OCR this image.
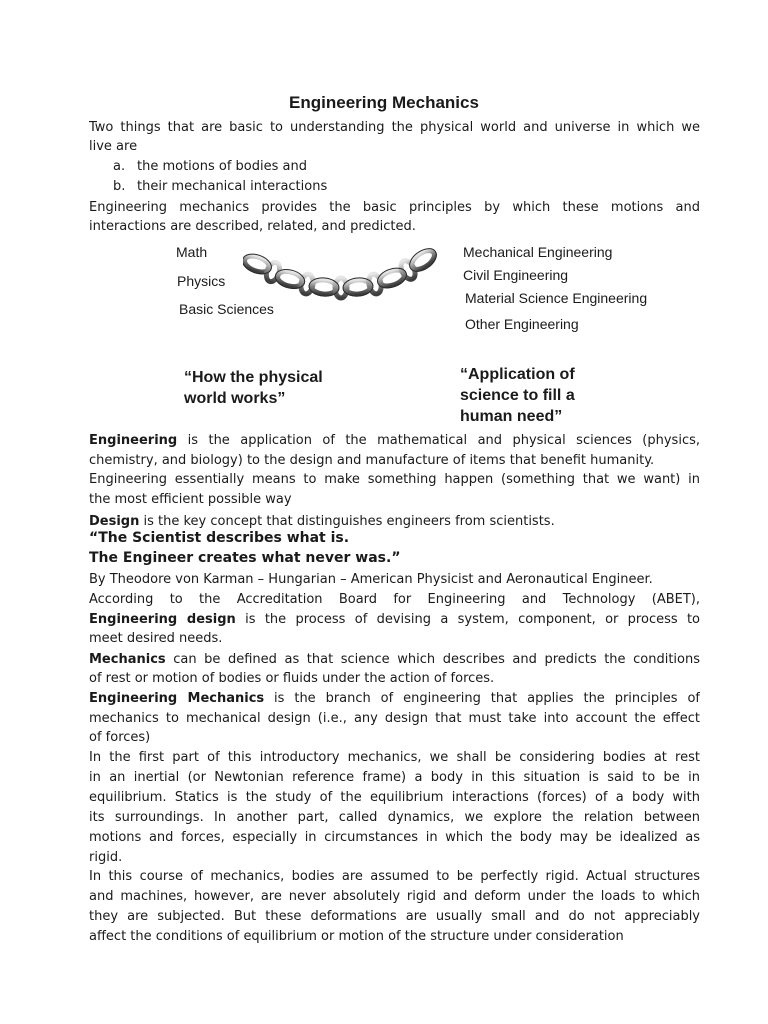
Engineering Mechanics
Two things that are basic to understanding the physical world and universe in which we
live are
a. the motions of bodies and
b. their mechanical interactions
Engineering mechanics provides the basic principles by which these motions and
interactions are described, related, and predicted.
Math
Physics
Basic Sciences
Mechanical Engineering
Civil Engineering
Material Science Engineering
Other Engineering
“How the physical
world works”
“Application of
science to fill a
human need”
Engineering is the application of the mathematical and physical sciences (physics,
chemistry, and biology) to the design and manufacture of items that benefit humanity.
Engineering essentially means to make something happen (something that we want) in
the most efficient possible way
Design is the key concept that distinguishes engineers from scientists.
“The Scientist describes what is.
The Engineer creates what never was.”
By Theodore von Karman – Hungarian – American Physicist and Aeronautical Engineer.
According to the Accreditation Board for Engineering and Technology (ABET),
Engineering design is the process of devising a system, component, or process to
meet desired needs.
Mechanics can be defined as that science which describes and predicts the conditions
of rest or motion of bodies or fluids under the action of forces.
Engineering Mechanics is the branch of engineering that applies the principles of
mechanics to mechanical design (i.e., any design that must take into account the effect
of forces)
In the first part of this introductory mechanics, we shall be considering bodies at rest
in an inertial (or Newtonian reference frame) a body in this situation is said to be in
equilibrium. Statics is the study of the equilibrium interactions (forces) of a body with
its surroundings. In another part, called dynamics, we explore the relation between
motions and forces, especially in circumstances in which the body may be idealized as
rigid.
In this course of mechanics, bodies are assumed to be perfectly rigid. Actual structures
and machines, however, are never absolutely rigid and deform under the loads to which
they are subjected. But these deformations are usually small and do not appreciably
affect the conditions of equilibrium or motion of the structure under consideration
